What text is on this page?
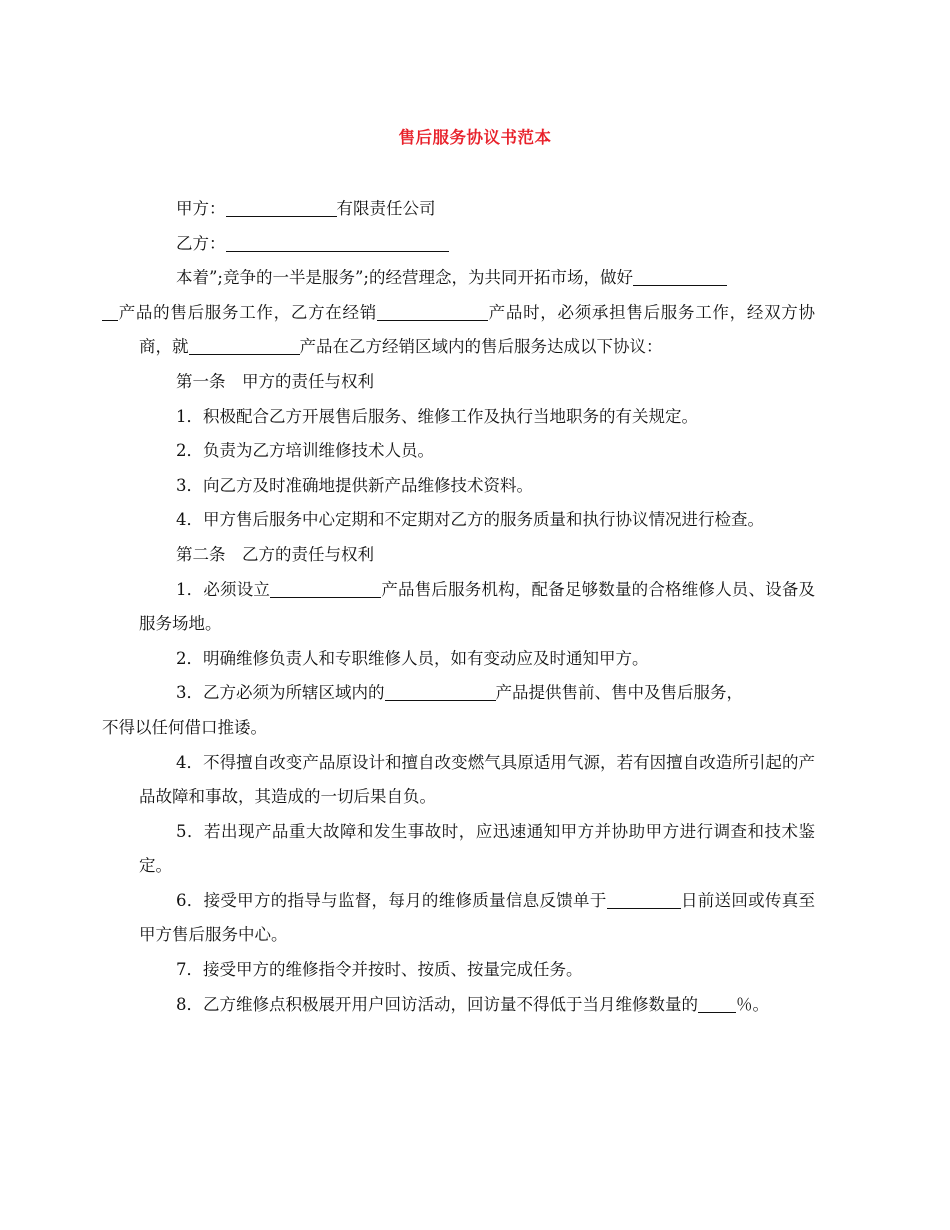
售后服务协议书范本

甲方：	有限责任公司

乙方：

本着”;竞争的一半是服务”;的经营理念，为共同开拓市场，做好
产品的售后服务工作，乙方在经销	产品时，必须承担售后服务工作，经双方协商，就	产品在乙方经销区域内的售后服务达成以下协议：

第一条　甲方的责任与权利

1．积极配合乙方开展售后服务、维修工作及执行当地职务的有关规定。

2．负责为乙方培训维修技术人员。

3．向乙方及时准确地提供新产品维修技术资料。

4．甲方售后服务中心定期和不定期对乙方的服务质量和执行协议情况进行检查。

第二条　乙方的责任与权利

1．必须设立	产品售后服务机构，配备足够数量的合格维修人员、设备及服务场地。

2．明确维修负责人和专职维修人员，如有变动应及时通知甲方。

3．乙方必须为所辖区域内的	产品提供售前、售中及售后服务，
不得以任何借口推诿。

4．不得擅自改变产品原设计和擅自改变燃气具原适用气源，若有因擅自改造所引起的产品故障和事故，其造成的一切后果自负。

5．若出现产品重大故障和发生事故时，应迅速通知甲方并协助甲方进行调查和技术鉴定。

6．接受甲方的指导与监督，每月的维修质量信息反馈单于	日前送回或传真至甲方售后服务中心。

7．接受甲方的维修指令并按时、按质、按量完成任务。

8．乙方维修点积极展开用户回访活动，回访量不得低于当月维修数量的 ％。
